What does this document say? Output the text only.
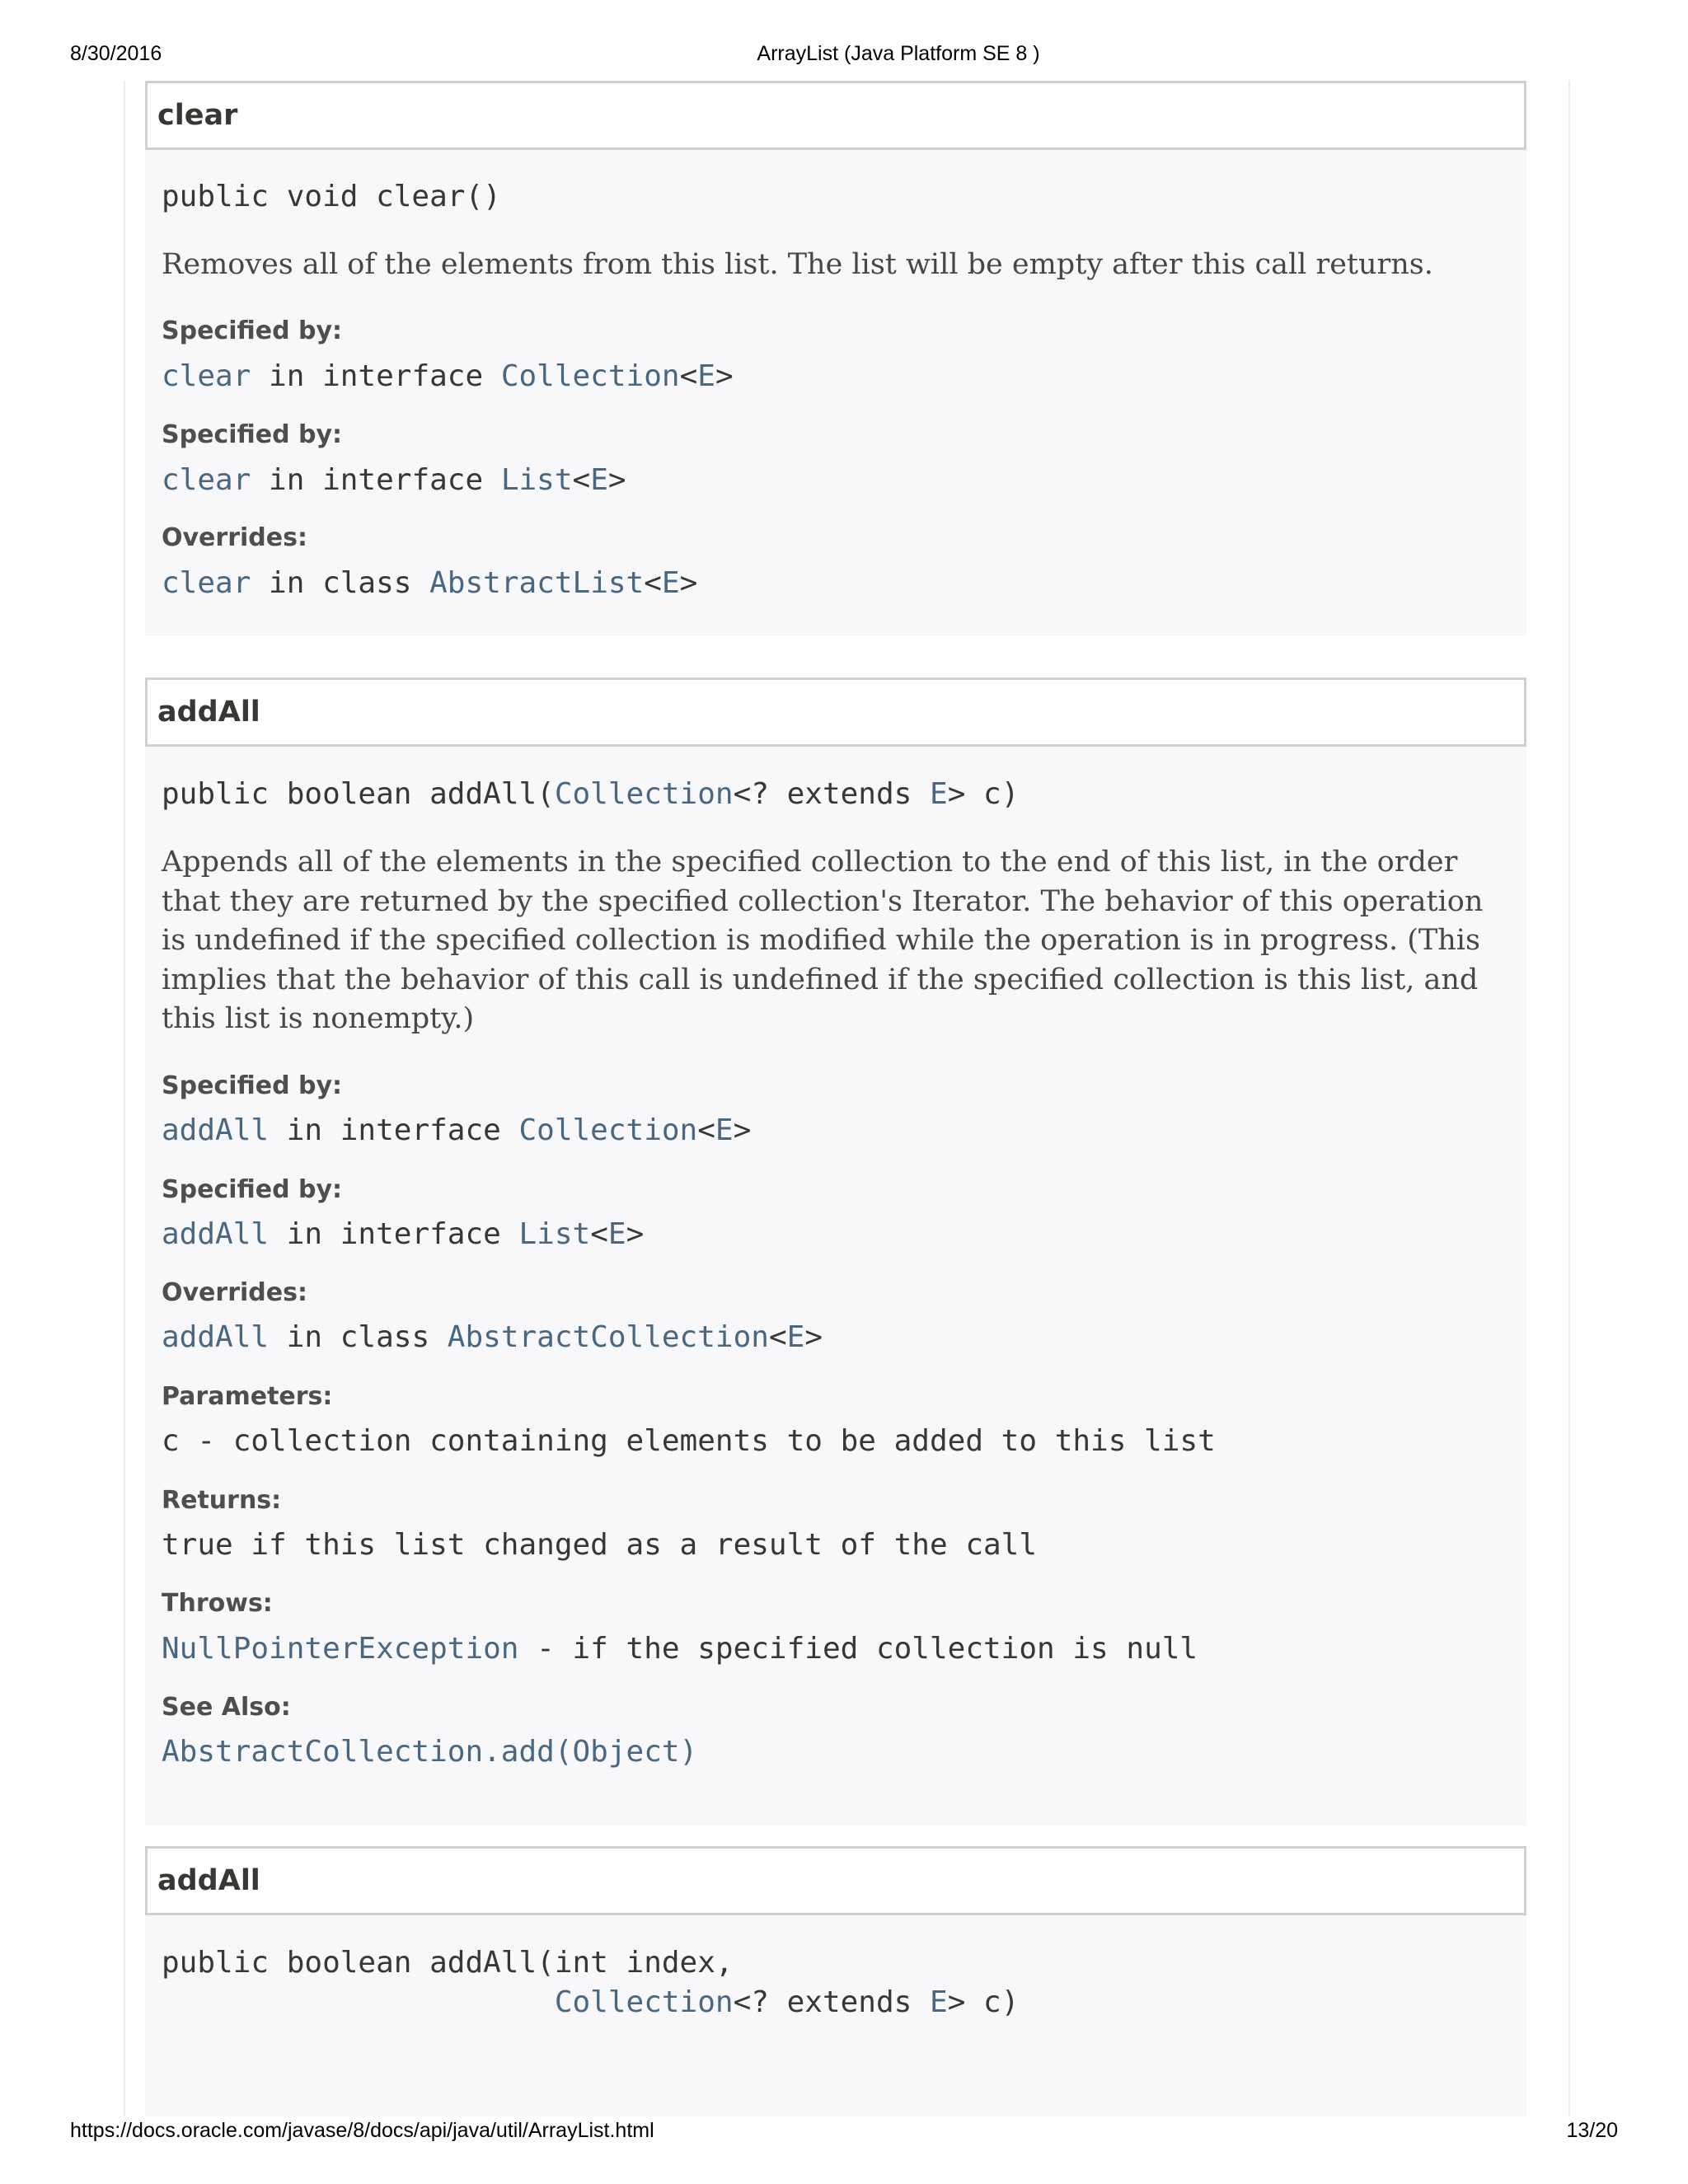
8/30/2016	ArrayList (Java Platform SE 8 )
clear
public void clear()
Removes all of the elements from this list. The list will be empty after this call returns.
Specified by:
clear in interface Collection<E>
Specified by:
clear in interface List<E>
Overrides:
clear in class AbstractList<E>
addAll
public boolean addAll(Collection<? extends E> c)
Appends all of the elements in the specified collection to the end of this list, in the order that they are returned by the specified collection's Iterator. The behavior of this operation is undefined if the specified collection is modified while the operation is in progress. (This implies that the behavior of this call is undefined if the specified collection is this list, and this list is nonempty.)
Specified by:
addAll in interface Collection<E>
Specified by:
addAll in interface List<E>
Overrides:
addAll in class AbstractCollection<E>
Parameters:
c - collection containing elements to be added to this list
Returns:
true if this list changed as a result of the call
Throws:
NullPointerException - if the specified collection is null
See Also:
AbstractCollection.add(Object)
addAll
public boolean addAll(int index,
Collection<? extends E> c)
https://docs.oracle.com/javase/8/docs/api/java/util/ArrayList.html	13/20
